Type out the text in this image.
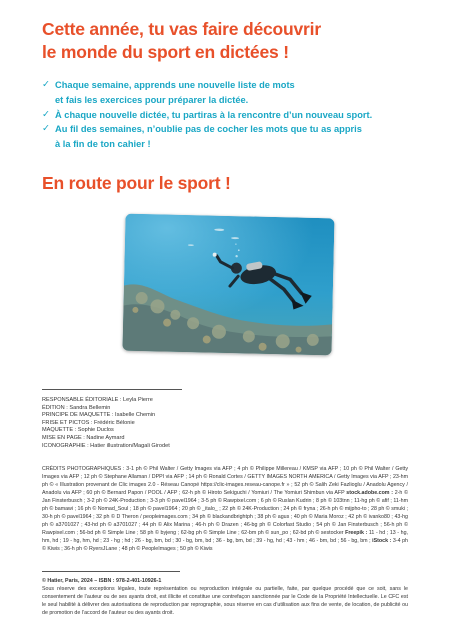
Cette année, tu vas faire découvrir
le monde du sport en dictées !
✓ Chaque semaine, apprends une nouvelle liste de mots
et fais les exercices pour préparer la dictée.
✓ À chaque nouvelle dictée, tu partiras à la rencontre d’un nouveau sport.
✓ Au fil des semaines, n’oublie pas de cocher les mots que tu as appris
à la fin de ton cahier !
En route pour le sport !
RESPONSABLE ÉDITORIALE : Leyla Pierre
ÉDITION : Sandra Bellemin
PRINCIPE DE MAQUETTE : Isabelle Chemin
FRISE ET PICTOS : Frédéric Bélonie
MAQUETTE : Sophie Duclos
MISE EN PAGE : Nadine Aymard
ICONOGRAPHIE : Hatier illustration/Magali Girodet
CRÉDITS PHOTOGRAPHIQUES : 3-1 ph © Phil Walter / Getty Images via AFP ; 4 ph © Philippe Millereau / KMSP via AFP ; 10 ph © Phil Walter / Getty Images via AFP ; 12 ph © Stephane Allaman / DPPI via AFP ; 14 ph © Ronald Cortes / GETTY IMAGES NORTH AMERICA / Getty Images via AFP ; 23-hm ph © « Illustration provenant de Clic images 2.0 - Réseau Canopé https://clic-images.reseau-canope.fr » ; 52 ph © Salih Zeki Fazlioglu / Anadolu Agency / Anadolu via AFP ; 60 ph © Bernard Papon / POOL / AFP ; 62-h ph © Hiroto Sekiguchi / Yomiuri / The Yomiuri Shimbun via AFP stock.adobe.com : 2-h © Jan Finsterbusch ; 3-2 ph © 24K-Production ; 3-3 ph © pavel1964 ; 3-5 ph © Rawpixel.com ; 6 ph © Ruslan Kudrin ; 8 ph © 103tnn ; 11-hg ph © afif ; 11-hm ph © bamawi ; 16 ph © Nomad_Soul ; 18 ph © pavel1964 ; 20 ph © _italo_ ; 22 ph © 24K-Production ; 24 ph © fryna ; 26-h ph © mijpho-to ; 28 ph © smuki ; 30-h ph © pavel1964 ; 32 ph © D Theron / peopleimages.com ; 34 ph © blackandbrightph ; 38 ph © agus ; 40 ph © Maria Moroz ; 42 ph © ivanko80 ; 43-hg ph © a3701027 ; 43-hd ph © a3701027 ; 44 ph © Alix Marina ; 46-h ph © Drazen ; 46-bg ph © Colorfast Studio ; 54 ph © Jan Finsterbusch ; 56-h ph © Rawpixel.com ; 56-bd ph © Simple Line ; 58 ph © byjeng ; 62-bg ph © Simple Line ; 62-bm ph © sun_po ; 62-bd ph © sestocker Freepik : 11 - hd ; 13 - hg, hm, hd ; 19 - hg, hm, hd ; 23 - hg ; hd ; 26 - bg, bm, bd ; 30 - bg, bm, bd ; 36 - bg, bm, bd ; 39 - hg, hd ; 43 - hm ; 46 - bm, bd ; 56 - bg, bm ; iStock : 3-4 ph © Kiwis ; 36-h ph © RyersJLane ; 48 ph © PeopleImages ; 50 ph © Kiwis
© Hatier, Paris, 2024 – ISBN : 978-2-401-10926-1
Sous réserve des exceptions légales, toute représentation ou reproduction intégrale ou partielle, faite, par quelque procédé que ce soit, sans le consentement de l’auteur ou de ses ayants droit, est illicite et constitue une contrefaçon sanctionnée par le Code de la Propriété Intellectuelle. Le CFC est le seul habilité à délivrer des autorisations de reproduction par reprographie, sous réserve en cas d’utilisation aux fins de vente, de location, de publicité ou de promotion de l’accord de l’auteur ou des ayants droit.
